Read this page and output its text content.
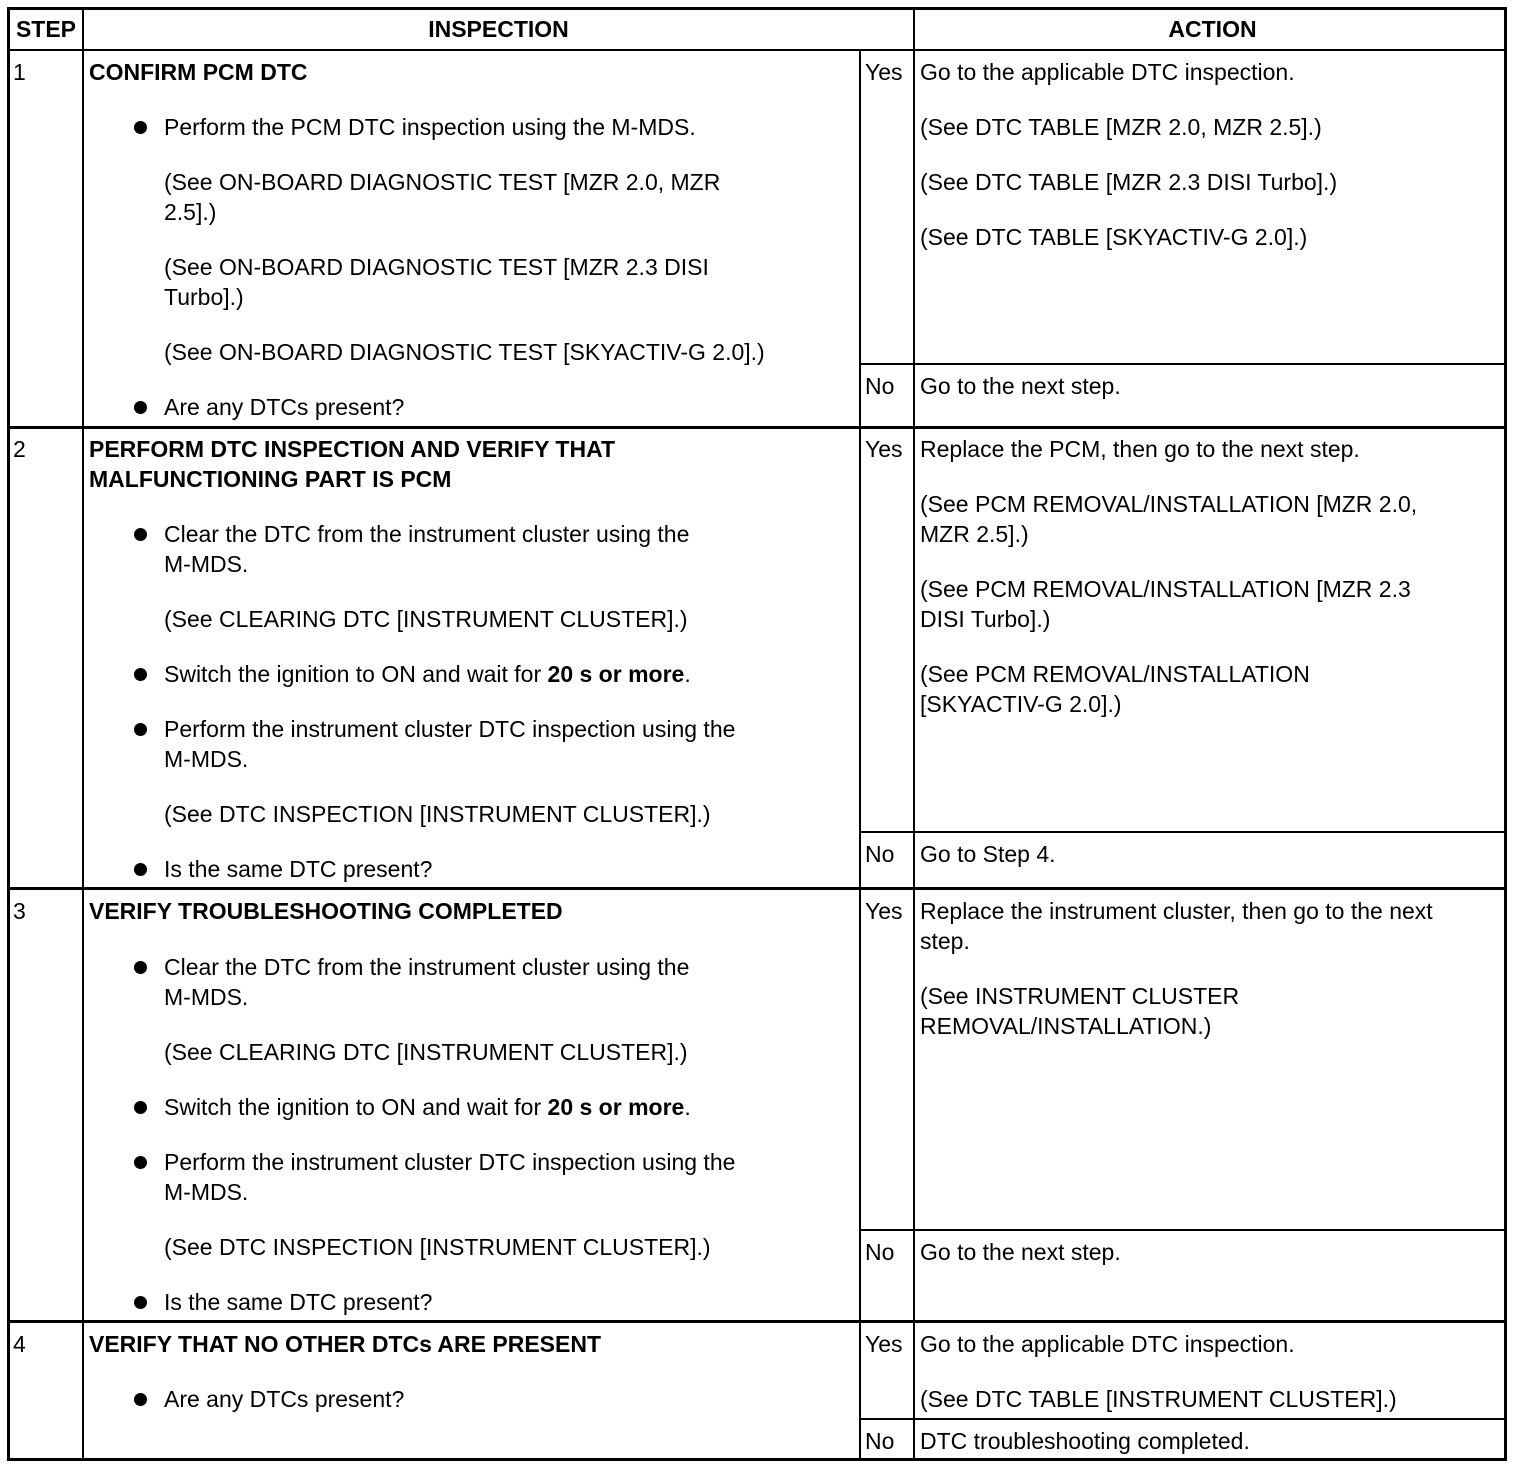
STEP	INSPECTION	ACTION
1	CONFIRM PCM DTC
Perform the PCM DTC inspection using the M-MDS.
(See ON-BOARD DIAGNOSTIC TEST [MZR 2.0, MZR
2.5].)
(See ON-BOARD DIAGNOSTIC TEST [MZR 2.3 DISI
Turbo].)
(See ON-BOARD DIAGNOSTIC TEST [SKYACTIV-G 2.0].)
Are any DTCs present?
Yes Go to the applicable DTC inspection.
(See DTC TABLE [MZR 2.0, MZR 2.5].)
(See DTC TABLE [MZR 2.3 DISI Turbo].)
(See DTC TABLE [SKYACTIV-G 2.0].)
No Go to the next step.
2	PERFORM DTC INSPECTION AND VERIFY THAT
MALFUNCTIONING PART IS PCM
Clear the DTC from the instrument cluster using the
M-MDS.
(See CLEARING DTC [INSTRUMENT CLUSTER].)
Switch the ignition to ON and wait for 20 s or more.
Perform the instrument cluster DTC inspection using the
M-MDS.
(See DTC INSPECTION [INSTRUMENT CLUSTER].)
Is the same DTC present?
Yes Replace the PCM, then go to the next step.
(See PCM REMOVAL/INSTALLATION [MZR 2.0,
MZR 2.5].)
(See PCM REMOVAL/INSTALLATION [MZR 2.3
DISI Turbo].)
(See PCM REMOVAL/INSTALLATION
[SKYACTIV-G 2.0].)
No Go to Step 4.
3	VERIFY TROUBLESHOOTING COMPLETED
Clear the DTC from the instrument cluster using the
M-MDS.
(See CLEARING DTC [INSTRUMENT CLUSTER].)
Switch the ignition to ON and wait for 20 s or more.
Perform the instrument cluster DTC inspection using the
M-MDS.
(See DTC INSPECTION [INSTRUMENT CLUSTER].)
Is the same DTC present?
Yes Replace the instrument cluster, then go to the next
step.
(See INSTRUMENT CLUSTER
REMOVAL/INSTALLATION.)
No Go to the next step.
4	VERIFY THAT NO OTHER DTCs ARE PRESENT
Are any DTCs present?
Yes Go to the applicable DTC inspection.
(See DTC TABLE [INSTRUMENT CLUSTER].)
No DTC troubleshooting completed.
